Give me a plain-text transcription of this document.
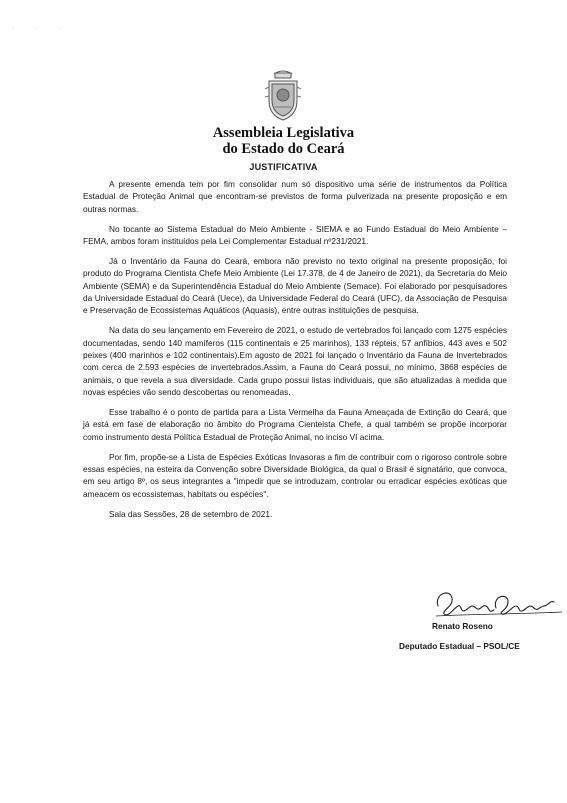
· · ·
Assembleia Legislativa
do Estado do Ceará
JUSTIFICATIVA

A presente emenda tem por fim consolidar num só dispositivo uma série de instrumentos da Política Estadual de Proteção Animal que encontram-se previstos de forma pulverizada na presente proposição e em outras normas.

No tocante ao Sistema Estadual do Meio Ambiente - SIEMA e ao Fundo Estadual do Meio Ambiente – FEMA, ambos foram instituídos pela Lei Complementar Estadual nº231/2021.

Já o Inventário da Fauna do Ceará, embora não previsto no texto original na presente proposição, foi produto do Programa Cientista Chefe Meio Ambiente (Lei 17.378, de 4 de Janeiro de 2021), da Secretaria do Meio Ambiente (SEMA) e da Superintendência Estadual do Meio Ambiente (Semace). Foi elaborado por pesquisadores da Universidade Estadual do Ceará (Uece), da Universidade Federal do Ceará (UFC), da Associação de Pesquisa e Preservação de Ecossistemas Aquáticos (Aquasis), entre outras instituições de pesquisa.

Na data do seu lançamento em Fevereiro de 2021, o estudo de vertebrados foi lançado com 1275 espécies documentadas, sendo 140 mamíferos (115 continentais e 25 marinhos), 133 répteis, 57 anfíbios, 443 aves e 502 peixes (400 marinhos e 102 continentais).Em agosto de 2021 foi lançado o Inventário da Fauna de Invertebrados com cerca de 2.593 espécies de invertebrados.Assim, a Fauna do Ceará possui, no mínimo, 3868 espécies de animais, o que revela a sua diversidade. Cada grupo possui listas individuais, que são atualizadas à medida que novas espécies vão sendo descobertas ou renomeadas.

Esse trabalho é o ponto de partida para a Lista Vermelha da Fauna Ameaçada de Extinção do Ceará, que já está em fase de elaboração no âmbito do Programa Cienteista Chefe, a qual também se propõe incorporar como instrumento desta Política Estadual de Proteção Animal, no inciso VI acima.

Por fim, propõe-se a Lista de Espécies Exóticas Invasoras a fim de contribuir com o rigoroso controle sobre essas espécies, na esteira da Convenção sobre Diversidade Biológica, da qual o Brasil é signatário, que convoca, em seu artigo 8º, os seus integrantes a "impedir que se introduzam, controlar ou erradicar espécies exóticas que ameacem os ecossistemas, habitats ou espécies".

Sala das Sessões, 28 de setembro de 2021.

Renato Roseno
Deputado Estadual – PSOL/CE
